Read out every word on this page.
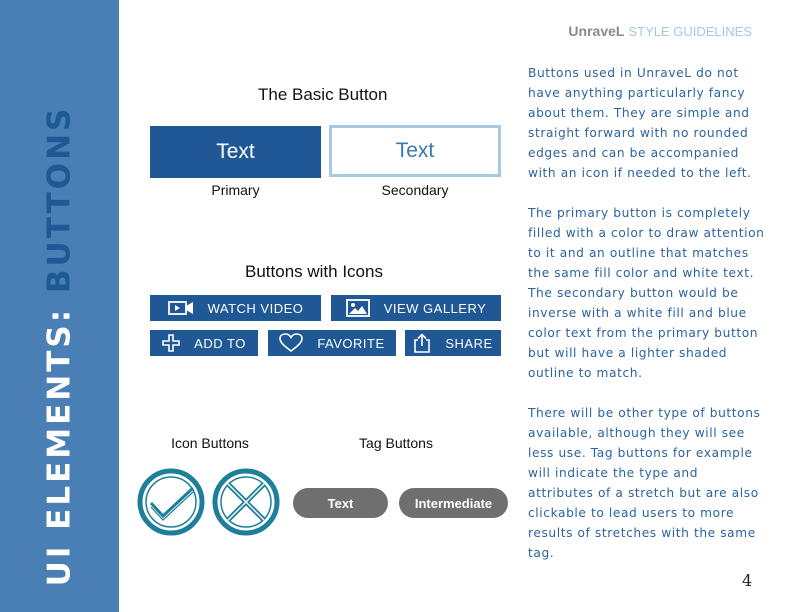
UI ELEMENTS: BUTTONS
UnraveL STYLE GUIDELINES
The Basic Button
Text	Text
Primary	Secondary
Buttons with Icons
WATCH VIDEO	VIEW GALLERY
ADD TO	FAVORITE	SHARE
Icon Buttons	Tag Buttons
Text	Intermediate

Buttons used in UnraveL do not have anything particularly fancy about them. They are simple and straight forward with no rounded edges and can be accompanied with an icon if needed to the left.

The primary button is completely filled with a color to draw attention to it and an outline that matches the same fill color and white text. The secondary button would be inverse with a white fill and blue color text from the primary button but will have a lighter shaded outline to match.

There will be other type of buttons available, although they will see less use. Tag buttons for example will indicate the type and attributes of a stretch but are also clickable to lead users to more results of stretches with the same tag.

4
